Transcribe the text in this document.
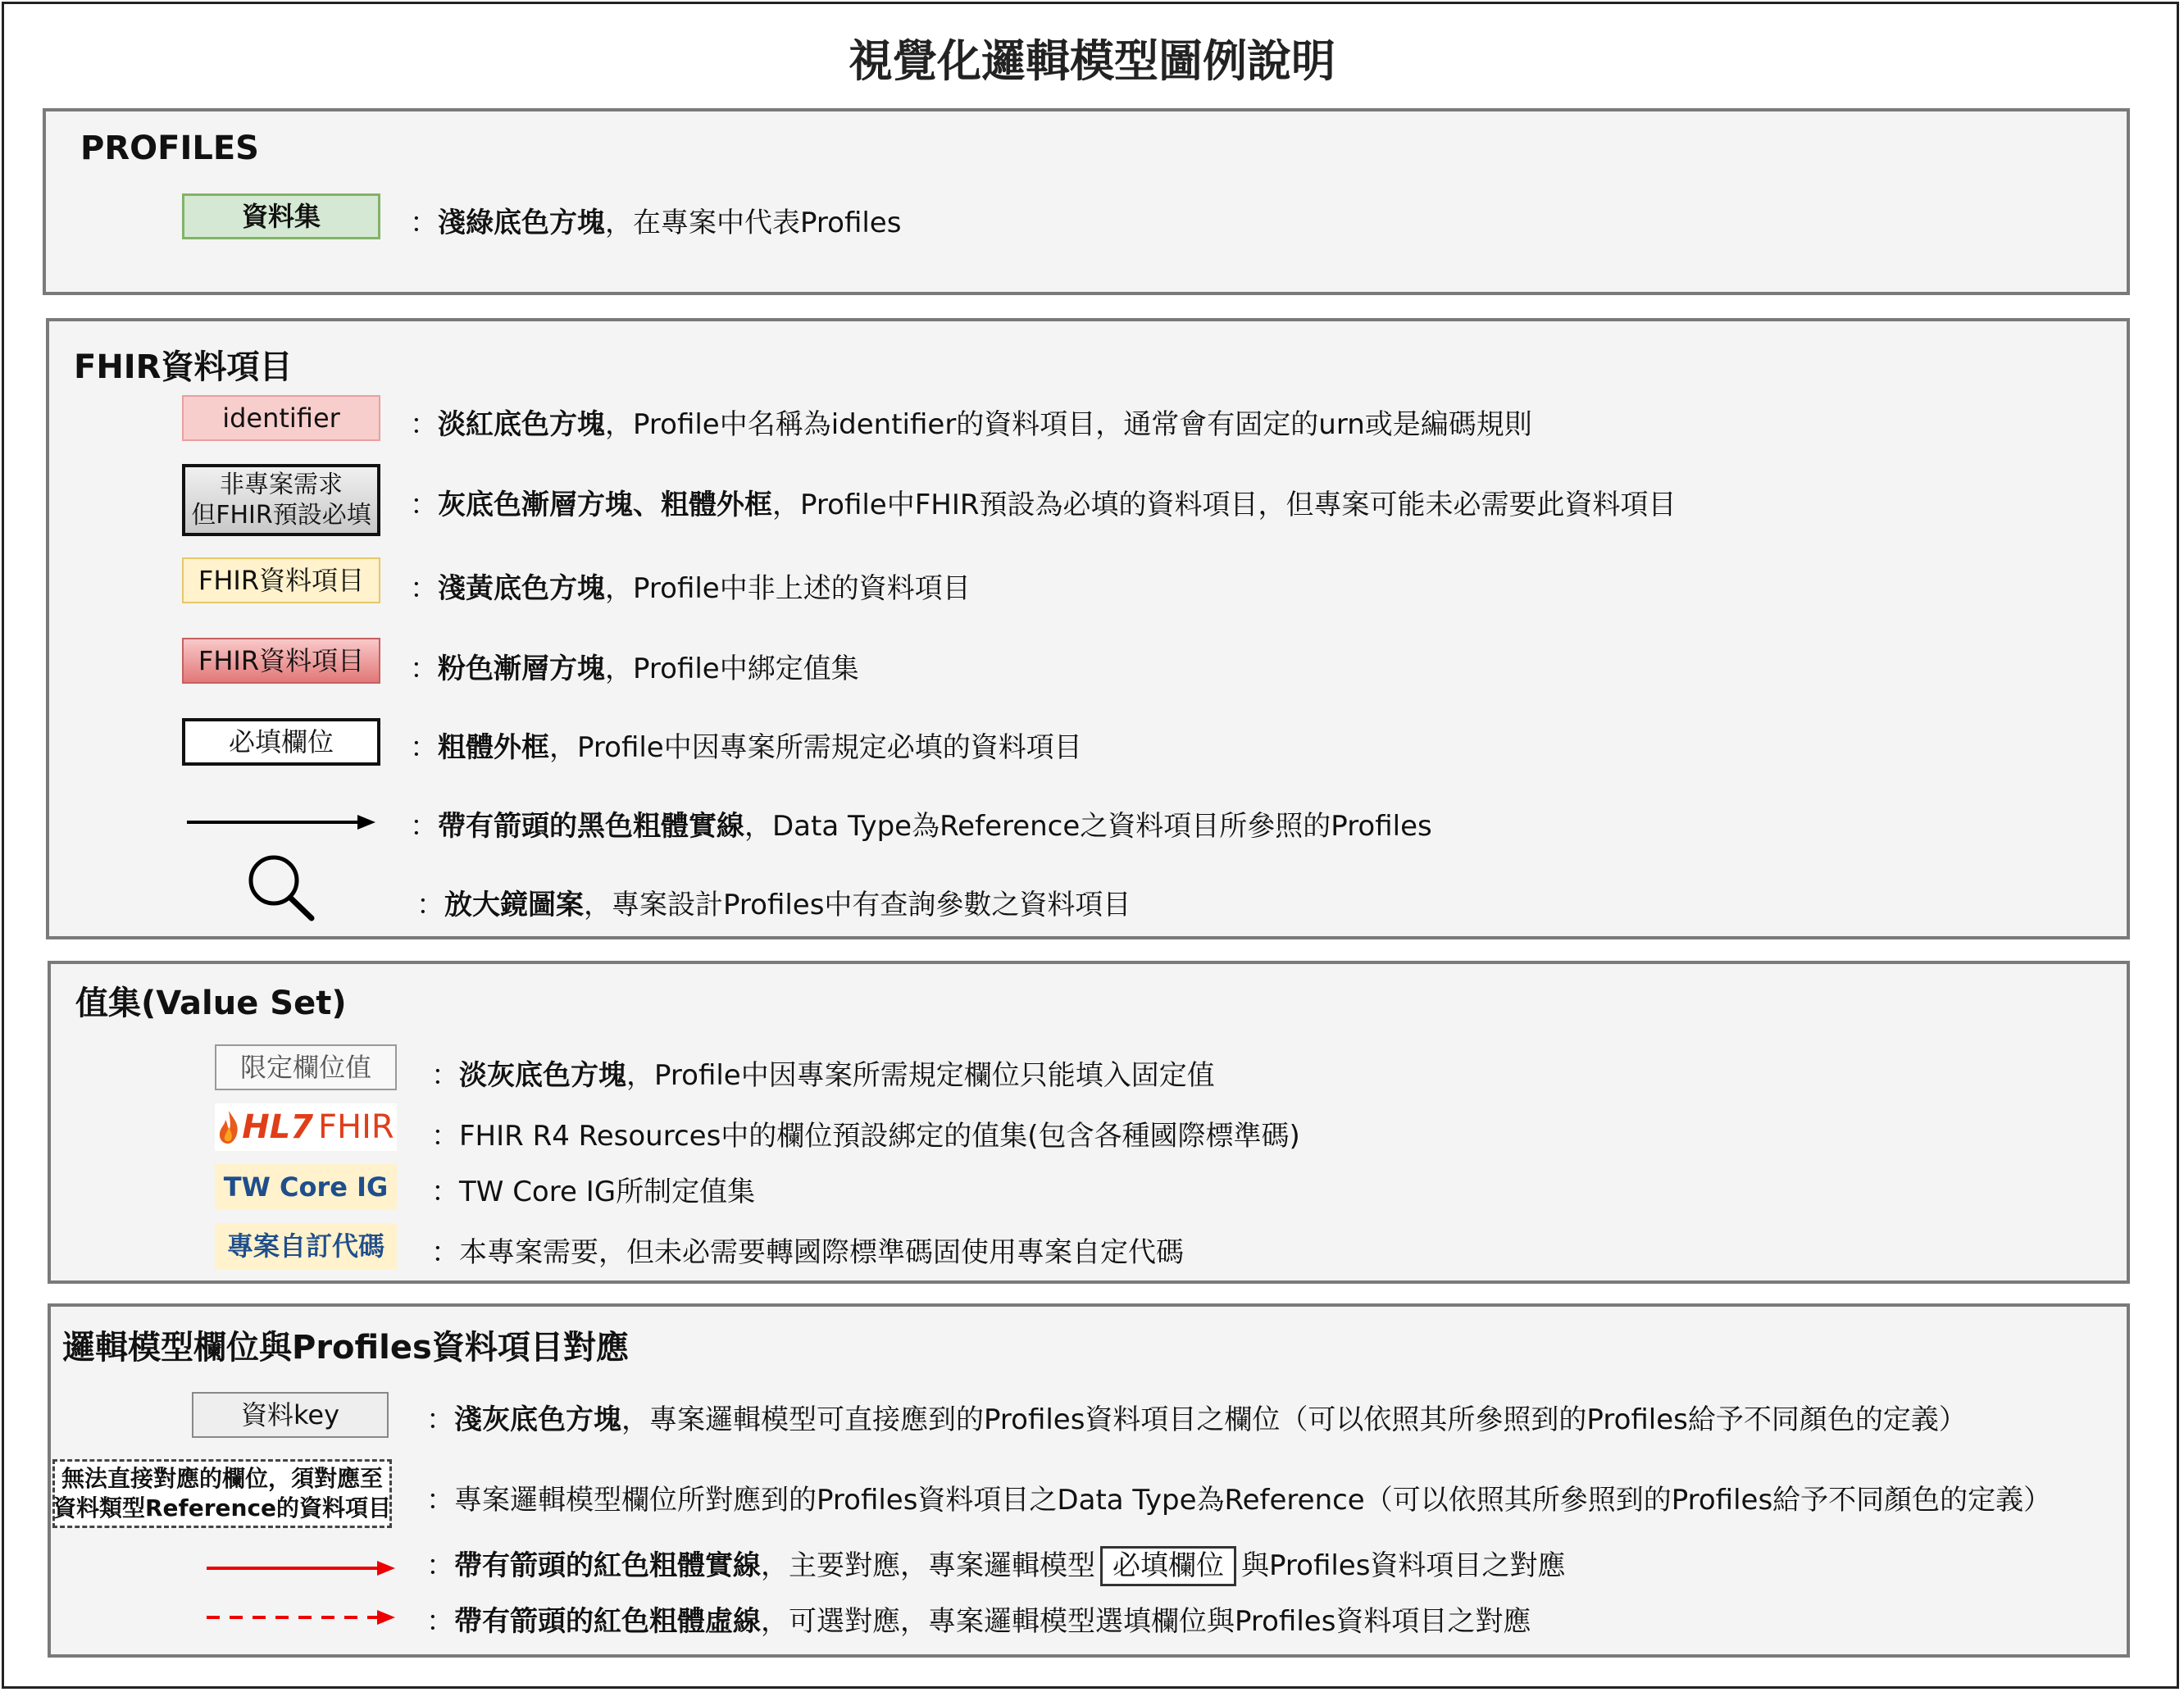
視覺化邏輯模型圖例說明
PROFILES
資料集	：淺綠底色方塊，在專案中代表Profiles
FHIR資料項目
identifier	：淡紅底色方塊，Profile中名稱為identifier的資料項目，通常會有固定的urn或是編碼規則
非專案需求
但FHIR預設必填 ：灰底色漸層方塊、粗體外框，Profile中FHIR預設為必填的資料項目，但專案可能未必需要此資料項目
FHIR資料項目 ：淺黃底色方塊，Profile中非上述的資料項目
FHIR資料項目 ：粉色漸層方塊，Profile中綁定值集
必填欄位	：粗體外框，Profile中因專案所需規定必填的資料項目
：帶有箭頭的黑色粗體實線，Data Type為Reference之資料項目所參照的Profiles
：放大鏡圖案，專案設計Profiles中有查詢參數之資料項目
值集(Value Set)
限定欄位值 ：淡灰底色方塊，Profile中因專案所需規定欄位只能填入固定值
HL7 FHIR ：FHIR R4 Resources中的欄位預設綁定的值集(包含各種國際標準碼)
TW Core IG ：TW Core IG所制定值集
專案自訂代碼 ：本專案需要，但未必需要轉國際標準碼固使用專案自定代碼
邏輯模型欄位與Profiles資料項目對應
資料key	：淺灰底色方塊，專案邏輯模型可直接應到的Profiles資料項目之欄位（可以依照其所參照到的Profiles給予不同顏色的定義）
無法直接對應的欄位，須對應至
資料類型Reference的資料項目 ：專案邏輯模型欄位所對應到的Profiles資料項目之Data Type為Reference（可以依照其所參照到的Profiles給予不同顏色的定義）
：帶有箭頭的紅色粗體實線，主要對應，專案邏輯模型 必填欄位 與Profiles資料項目之對應
：帶有箭頭的紅色粗體虛線，可選對應，專案邏輯模型選填欄位與Profiles資料項目之對應
